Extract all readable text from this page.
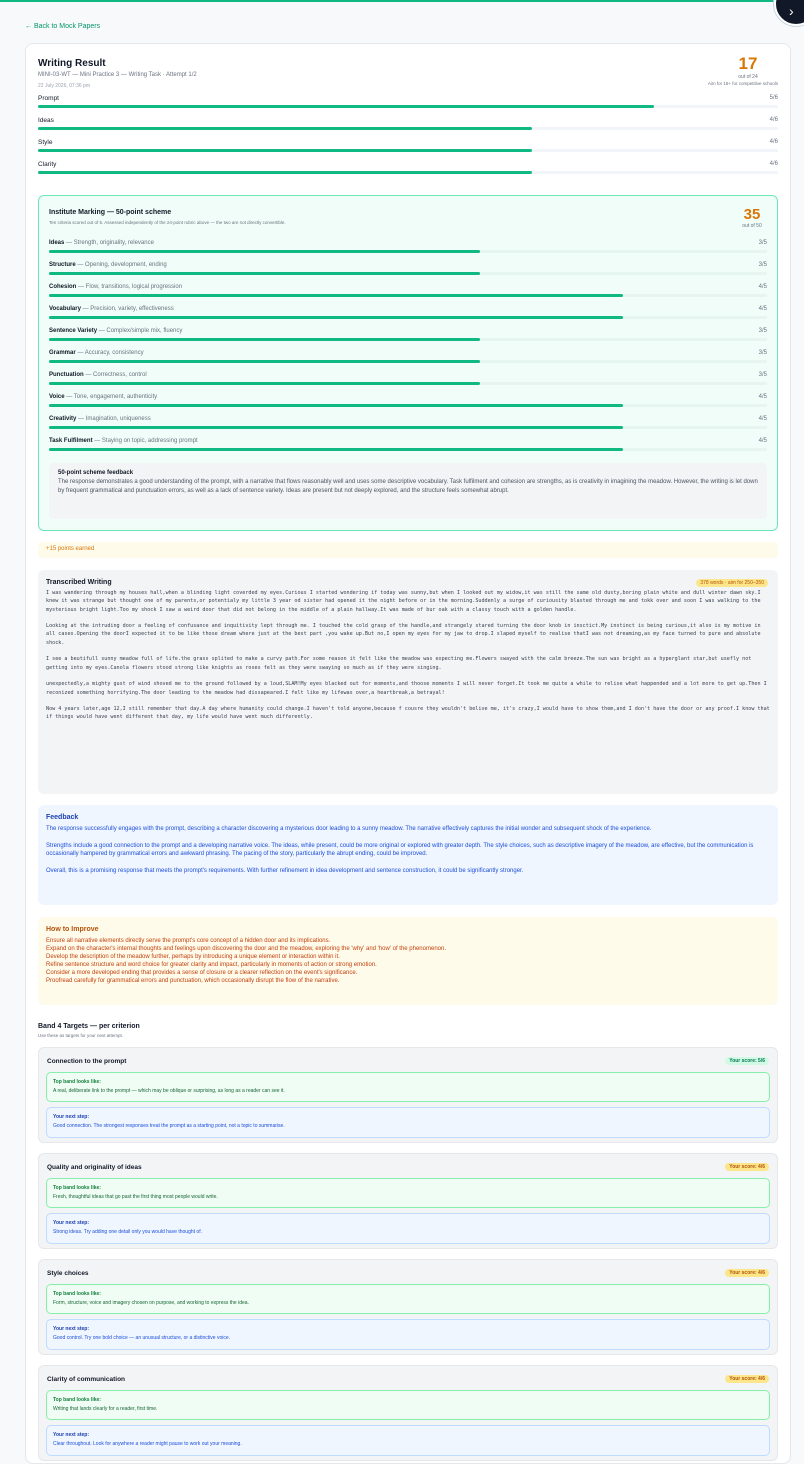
›
← Back to Mock Papers
Writing Result
MINI-03-WT — Mini Practice 3 — Writing Task · Attempt 1/2
22 July 2026, 07:36 pm
17
out of 24
Aim for 18+ for competitive schools
Prompt	5/6
Ideas	4/6
Style	4/6
Clarity	4/6
Institute Marking — 50-point scheme
Ten criteria scored out of 5. Assessed independently of the 24-point rubric above — the two are not directly convertible.	35
out of 50
Ideas — Strength, originality, relevance	3/5
Structure — Opening, development, ending	3/5
Cohesion — Flow, transitions, logical progression	4/5
Vocabulary — Precision, variety, effectiveness	4/5
Sentence Variety — Complex/simple mix, fluency	3/5
Grammar — Accuracy, consistency	3/5
Punctuation — Correctness, control	3/5
Voice — Tone, engagement, authenticity	4/5
Creativity — Imagination, uniqueness	4/5
Task Fulfilment — Staying on topic, addressing prompt	4/5
50-point scheme feedback
The response demonstrates a good understanding of the prompt, with a narrative that flows reasonably well and uses some descriptive vocabulary. Task fulfilment and cohesion are strengths, as is creativity in imagining the meadow. However, the writing is let down by frequent grammatical and punctuation errors, as well as a lack of sentence variety. Ideas are present but not deeply explored, and the structure feels somewhat abrupt.
+15 points earned
Transcribed Writing	378 words · aim for 250–350

I was wandering through my houses hall,when a blinding light coverded my eyes.Curious I started wondering if today was sunny,but when I looked out my widow,it was still the same old dusty,boring plain white and dull winter dawn sky.I knew it was strange but thought one of my parents,or potentialy my little 3 year od sister had opened it the night before or in the morning.Suddenly a surge of curiousity blasted through me and tokk over and soon I was walking to the mysterious bright light.Too my shock I saw a weird door that did not belong in the middle of a plain hallway.It was made of bur oak with a classy touch with a golden handle.

Looking at the intruding door a feeling of confusance and inquitivity lept through me. I touched the cold grasp of the handle,and strangely stared turning the door knob in insctict.My instinct is being curious,it also is my motive in all cases.Opening the doorI expected it to be like those dream where just at the best part ,you wake up.But no,I open my eyes for my jaw to drop.I slaped myself to realise thatI was not dreaming,as my face turned to pure and absolute shock.

I see a beutifull sunny meadow full of life.the grass splited to make a curvy path.For some reason it felt like the meadow was expecting me.Flowers swayed with the calm breeze.The sun was bright as a hyperglant star,but usefly not getting into my eyes.Canola flowers stood strong like knights as roses felt as they were swaying so much as if they were singing.

unexpectedly,a mighty gust of wind shoved me to the ground followed by a loud,SLAM!My eyes blacked out for moments,and thoose moments I will never forget.It took me quite a while to relise what happended and a lot more to get up.Then I reconized something horrifying.The door leading to the meadow had dissapeared.I felt like my lifewas over,a heartbreak,a betrayal!

Now 4 years later,age 12,I still remember that day.A day where humanity could change.I haven't told anyone,because f cousre they wouldn't belive me, it's crazy,I would have to show them,and I don't have the door or any proof.I know that if things would have went different that day, my life would have went much differently.

Feedback

The response successfully engages with the prompt, describing a character discovering a mysterious door leading to a sunny meadow. The narrative effectively captures the initial wonder and subsequent shock of the experience.

Strengths include a good connection to the prompt and a developing narrative voice. The ideas, while present, could be more original or explored with greater depth. The style choices, such as descriptive imagery of the meadow, are effective, but the communication is occasionally hampered by grammatical errors and awkward phrasing. The pacing of the story, particularly the abrupt ending, could be improved.

Overall, this is a promising response that meets the prompt's requirements. With further refinement in idea development and sentence construction, it could be significantly stronger.

How to Improve
Ensure all narrative elements directly serve the prompt's core concept of a hidden door and its implications.
Expand on the character's internal thoughts and feelings upon discovering the door and the meadow, exploring the 'why' and 'how' of the phenomenon.
Develop the description of the meadow further, perhaps by introducing a unique element or interaction within it.
Refine sentence structure and word choice for greater clarity and impact, particularly in moments of action or strong emotion.
Consider a more developed ending that provides a sense of closure or a clearer reflection on the event's significance.
Proofread carefully for grammatical errors and punctuation, which occasionally disrupt the flow of the narrative.
Band 4 Targets — per criterion
Use these as targets for your next attempt.
Connection to the prompt	Your score: 5/6
Top band looks like:
A real, deliberate link to the prompt — which may be oblique or surprising, as long as a reader can see it.
Your next step:
Good connection. The strongest responses treat the prompt as a starting point, not a topic to summarise.
Quality and originality of ideas	Your score: 4/6
Top band looks like:
Fresh, thoughtful ideas that go past the first thing most people would write.
Your next step:
Strong ideas. Try adding one detail only you would have thought of.
Style choices	Your score: 4/6
Top band looks like:
Form, structure, voice and imagery chosen on purpose, and working to express the idea.
Your next step:
Good control. Try one bold choice — an unusual structure, or a distinctive voice.
Clarity of communication	Your score: 4/6
Top band looks like:
Writing that lands clearly for a reader, first time.
Your next step:
Clear throughout. Look for anywhere a reader might pause to work out your meaning.
